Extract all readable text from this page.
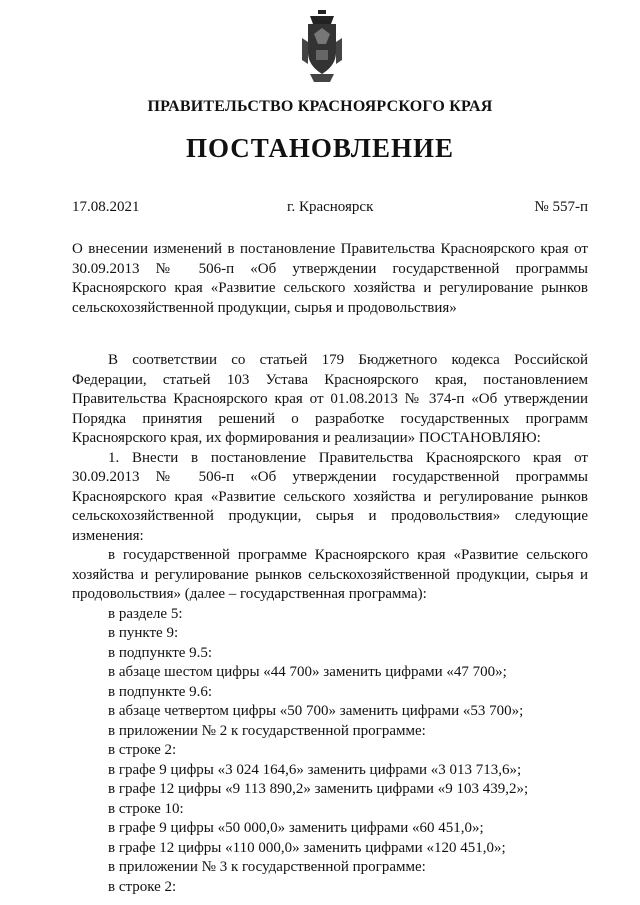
ПРАВИТЕЛЬСТВО КРАСНОЯРСКОГО КРАЯ
ПОСТАНОВЛЕНИЕ
17.08.2021	г. Красноярск	№ 557-п
О внесении изменений в постановление Правительства Красноярского края от 30.09.2013 № 506-п «Об утверждении государственной программы Красноярского края «Развитие сельского хозяйства и регулирование рынков сельскохозяйственной продукции, сырья и продовольствия»

В соответствии со статьей 179 Бюджетного кодекса Российской Федерации, статьей 103 Устава Красноярского края, постановлением Правительства Красноярского края от 01.08.2013 № 374-п «Об утверждении Порядка принятия решений о разработке государственных программ Красноярского края, их формирования и реализации» ПОСТАНОВЛЯЮ:

1. Внести в постановление Правительства Красноярского края от 30.09.2013 № 506-п «Об утверждении государственной программы Красноярского края «Развитие сельского хозяйства и регулирование рынков сельскохозяйственной продукции, сырья и продовольствия» следующие изменения:

в государственной программе Красноярского края «Развитие сельского хозяйства и регулирование рынков сельскохозяйственной продукции, сырья и продовольствия» (далее – государственная программа):

в разделе 5:

в пункте 9:

в подпункте 9.5:

в абзаце шестом цифры «44 700» заменить цифрами «47 700»;

в подпункте 9.6:

в абзаце четвертом цифры «50 700» заменить цифрами «53 700»;

в приложении № 2 к государственной программе:

в строке 2:

в графе 9 цифры «3 024 164,6» заменить цифрами «3 013 713,6»;

в графе 12 цифры «9 113 890,2» заменить цифрами «9 103 439,2»;

в строке 10:

в графе 9 цифры «50 000,0» заменить цифрами «60 451,0»;

в графе 12 цифры «110 000,0» заменить цифрами «120 451,0»;

в приложении № 3 к государственной программе:

в строке 2:
